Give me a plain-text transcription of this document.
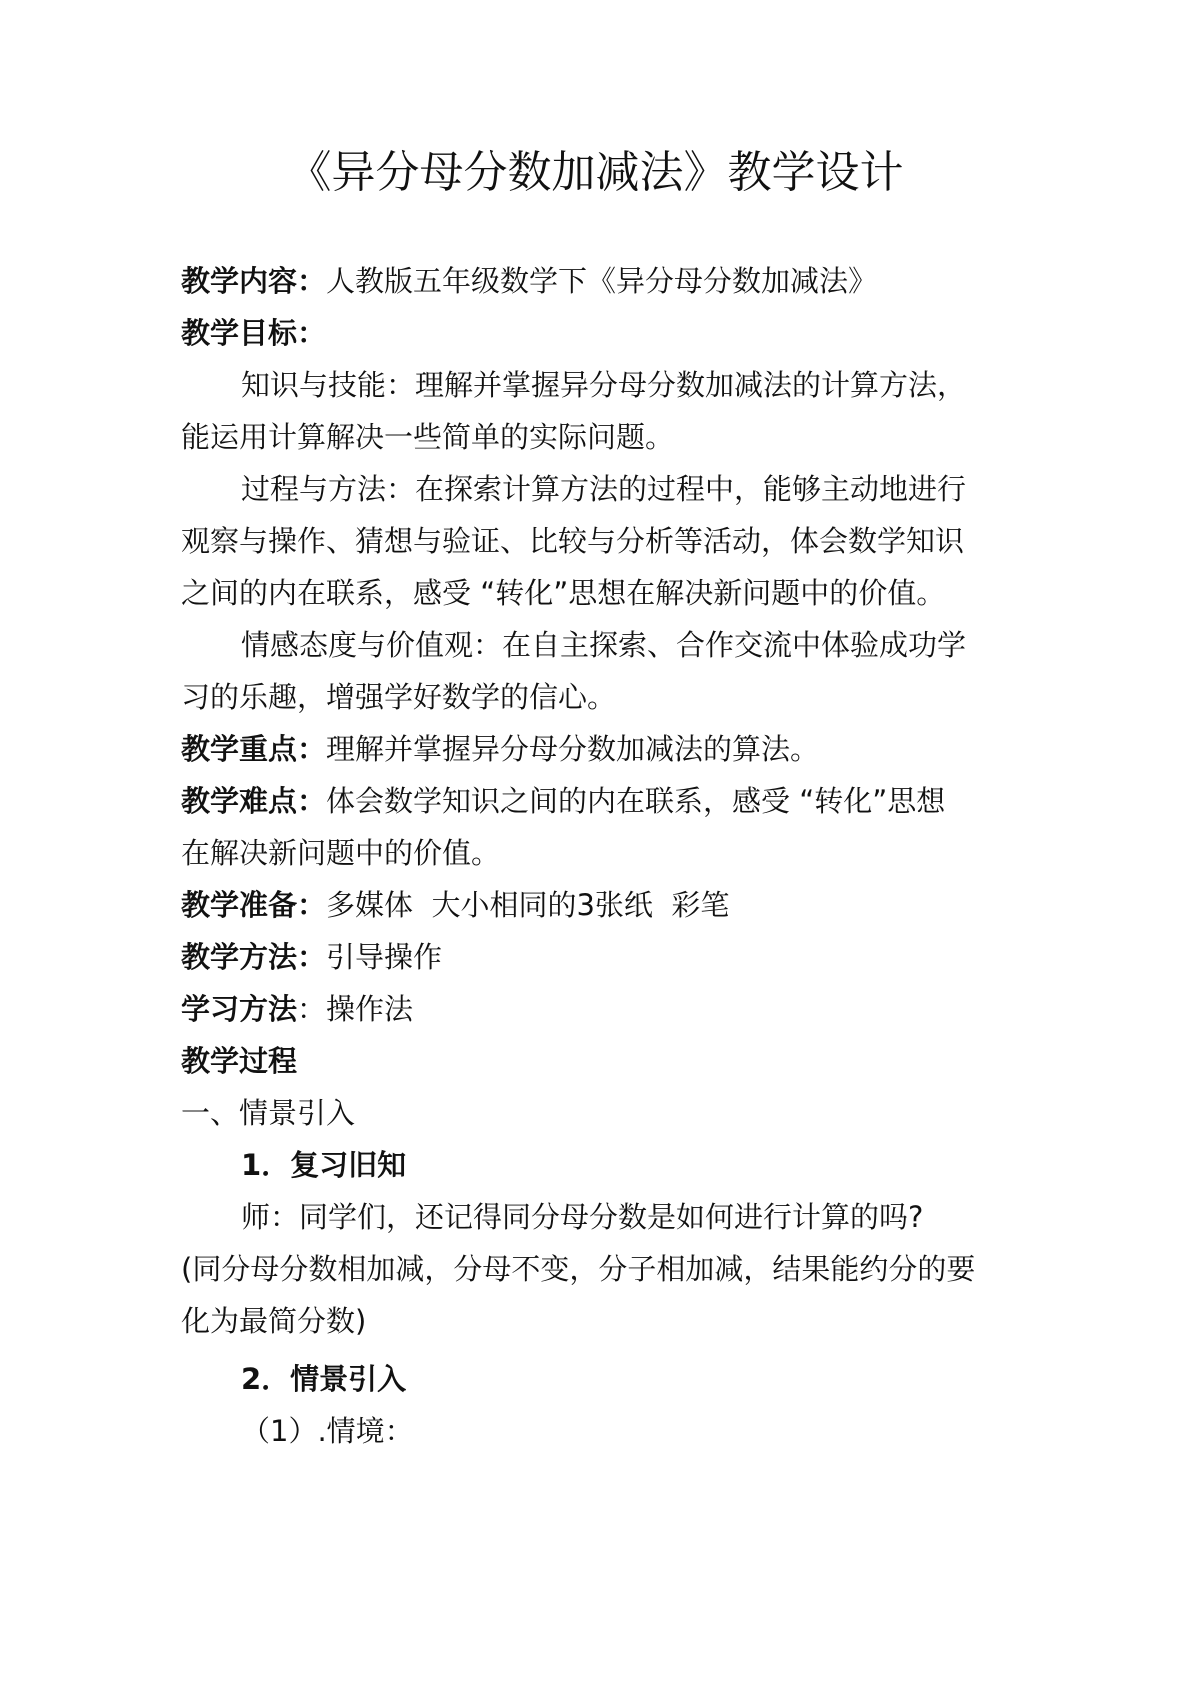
《异分母分数加减法》教学设计

教学内容：人教版五年级数学下《异分母分数加减法》

教学目标：

知识与技能：理解并掌握异分母分数加减法的计算方法，

能运用计算解决一些简单的实际问题。

过程与方法：在探索计算方法的过程中，能够主动地进行

观察与操作、猜想与验证、比较与分析等活动，体会数学知识

之间的内在联系，感受 “转化”思想在解决新问题中的价值。

情感态度与价值观：在自主探索、合作交流中体验成功学

习的乐趣，增强学好数学的信心。

教学重点：理解并掌握异分母分数加减法的算法。

教学难点：体会数学知识之间的内在联系，感受 “转化”思想

在解决新问题中的价值。

教学准备：多媒体  大小相同的3张纸  彩笔

教学方法：引导操作

学习方法：操作法

教学过程

一、情景引入

1．复习旧知

师：同学们，还记得同分母分数是如何进行计算的吗?

(同分母分数相加减，分母不变，分子相加减，结果能约分的要

化为最简分数)

2．情景引入

（1）.情境：
